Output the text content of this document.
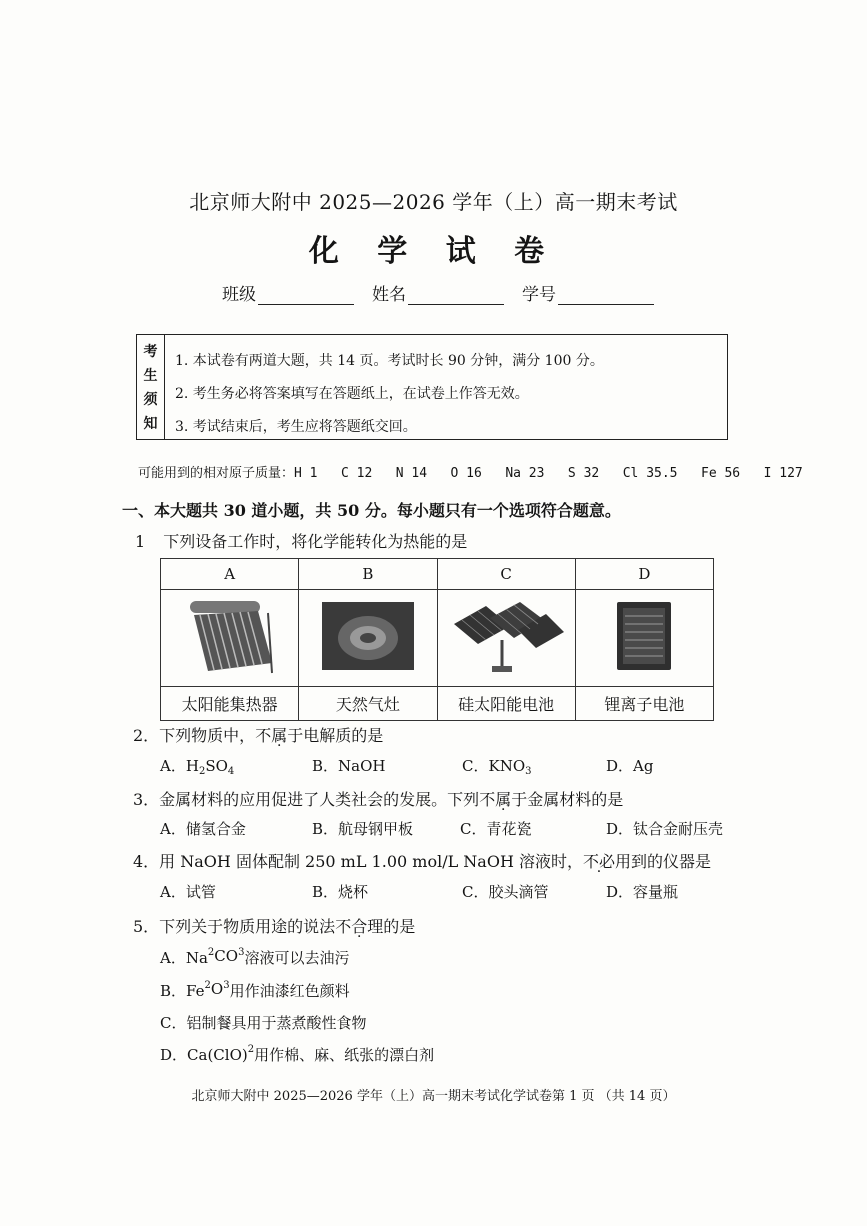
北京师大附中 2025—2026 学年（上）高一期末考试
化 学 试 卷
班级	姓名	学号
考
生
须
知
1. 本试卷有两道大题，共 14 页。考试时长 90 分钟，满分 100 分。
2. 考生务必将答案填写在答题纸上，在试卷上作答无效。
3. 考试结束后，考生应将答题纸交回。
可能用到的相对原子质量：H 1   C 12   N 14   O 16   Na 23   S 32   Cl 35.5   Fe 56   I 127
一、本大题共 30 道小题，共 50 分。每小题只有一个选项符合题意。
1 下列设备工作时，将化学能转化为热能的是
A	B	C	D

太阳能集热器	天然气灶	硅太阳能电池	锂离子电池
2．下列物质中，不属于电解质的是
A．$H_2SO_4$	B．NaOH	C．$KNO_3$	D．Ag
3．金属材料的应用促进了人类社会的发展。下列不属于金属材料的是
A．储氢合金	B．航母钢甲板	C．青花瓷	D．钛合金耐压壳
4．用 NaOH 固体配制 250 mL 1.00 mol/L NaOH 溶液时，不必用到的仪器是
A．试管	B．烧杯	C．胶头滴管	D．容量瓶
5．下列关于物质用途的说法不合理的是
A．Na 2 CO 3 溶液可以去油污
B．Fe 2 O 3 用作油漆红色颜料
C．铝制餐具用于蒸煮酸性食物
D．Ca(ClO) 2 用作棉、麻、纸张的漂白剂
北京师大附中 2025—2026 学年（上）高一期末考试化学试卷第 1 页 （共 14 页）
